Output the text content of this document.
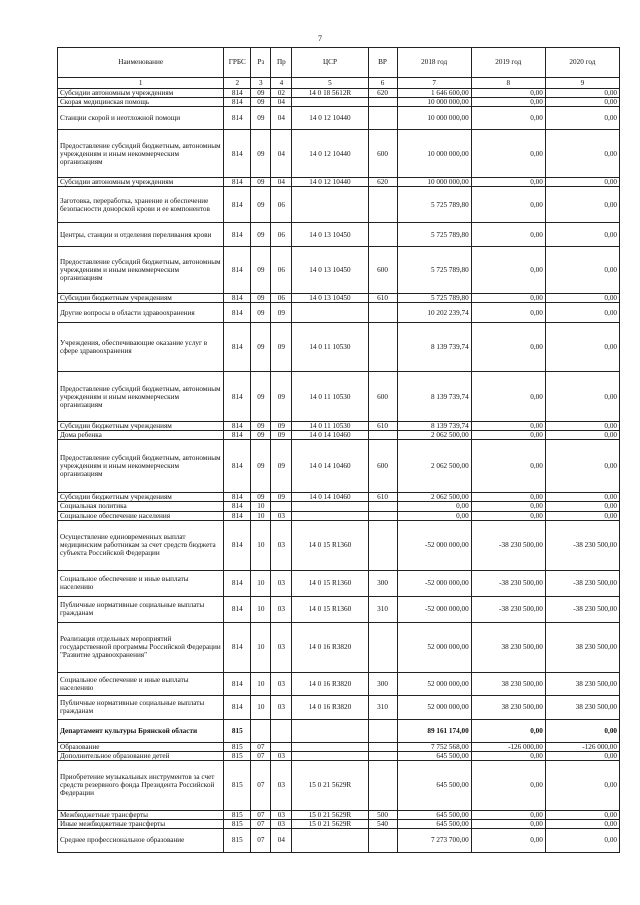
7
Наименование	ГРБС	Рз	Пр	ЦСР	ВР	2018 год	2019 год	2020 год
1	2	3	4	5	6	7	8	9
Субсидии автономным учреждениям	814	09	02	14 0 18 5612R	620	1 646 600,00	0,00	0,00
Скорая медицинская помощь	814	09	04			10 000 000,00	0,00	0,00
Станции скорой и неотложной помощи	814	09	04	14 0 12 10440		10 000 000,00	0,00	0,00
Предоставление субсидий бюджетным, автономным учреждениям и иным некоммерческим организациям	814	09	04	14 0 12 10440	600	10 000 000,00	0,00	0,00
Субсидии автономным учреждениям	814	09	04	14 0 12 10440	620	10 000 000,00	0,00	0,00
Заготовка, переработка, хранение и обеспечение безопасности донорской крови и ее компонентов	814	09	06			5 725 789,80	0,00	0,00
Центры, станции и отделения переливания крови	814	09	06	14 0 13 10450		5 725 789,80	0,00	0,00
Предоставление субсидий бюджетным, автономным учреждениям и иным некоммерческим организациям	814	09	06	14 0 13 10450	600	5 725 789,80	0,00	0,00
Субсидии бюджетным учреждениям	814	09	06	14 0 13 10450	610	5 725 789,80	0,00	0,00
Другие вопросы в области здравоохранения	814	09	09			10 202 239,74	0,00	0,00
Учреждения, обеспечивающие оказание услуг в сфере здравоохранения	814	09	09	14 0 11 10530		8 139 739,74	0,00	0,00
Предоставление субсидий бюджетным, автономным учреждениям и иным некоммерческим организациям	814	09	09	14 0 11 10530	600	8 139 739,74	0,00	0,00
Субсидии бюджетным учреждениям	814	09	09	14 0 11 10530	610	8 139 739,74	0,00	0,00
Дома ребенка	814	09	09	14 0 14 10460		2 062 500,00	0,00	0,00
Предоставление субсидий бюджетным, автономным учреждениям и иным некоммерческим организациям	814	09	09	14 0 14 10460	600	2 062 500,00	0,00	0,00
Субсидии бюджетным учреждениям	814	09	09	14 0 14 10460	610	2 062 500,00	0,00	0,00
Социальная политика	814	10				0,00	0,00	0,00
Социальное обеспечение населения	814	10	03			0,00	0,00	0,00
Осуществление единовременных выплат медицинским работникам за счет средств бюджета субъекта Российской Федерации	814	10	03	14 0 15 R1360		-52 000 000,00	-38 230 500,00	-38 230 500,00
Социальное обеспечение и иные выплаты населению	814	10	03	14 0 15 R1360	300	-52 000 000,00	-38 230 500,00	-38 230 500,00
Публичные нормативные социальные выплаты гражданам	814	10	03	14 0 15 R1360	310	-52 000 000,00	-38 230 500,00	-38 230 500,00
Реализация отдельных мероприятий государственной программы Российской Федерации "Развитие здравоохранения"	814	10	03	14 0 16 R3820		52 000 000,00	38 230 500,00	38 230 500,00
Социальное обеспечение и иные выплаты населению	814	10	03	14 0 16 R3820	300	52 000 000,00	38 230 500,00	38 230 500,00
Публичные нормативные социальные выплаты гражданам	814	10	03	14 0 16 R3820	310	52 000 000,00	38 230 500,00	38 230 500,00
Департамент культуры Брянской области	815					89 161 174,00	0,00	0,00
Образование	815	07				7 752 568,00	-126 000,00	-126 000,00
Дополнительное образование детей	815	07	03			645 500,00	0,00	0,00
Приобретение музыкальных инструментов за счет средств резервного фонда Президента Российской Федерации	815	07	03	15 0 21 5629R		645 500,00	0,00	0,00
Межбюджетные трансферты	815	07	03	15 0 21 5629R	500	645 500,00	0,00	0,00
Иные межбюджетные трансферты	815	07	03	15 0 21 5629R	540	645 500,00	0,00	0,00
Среднее профессиональное образование	815	07	04			7 273 700,00	0,00	0,00
